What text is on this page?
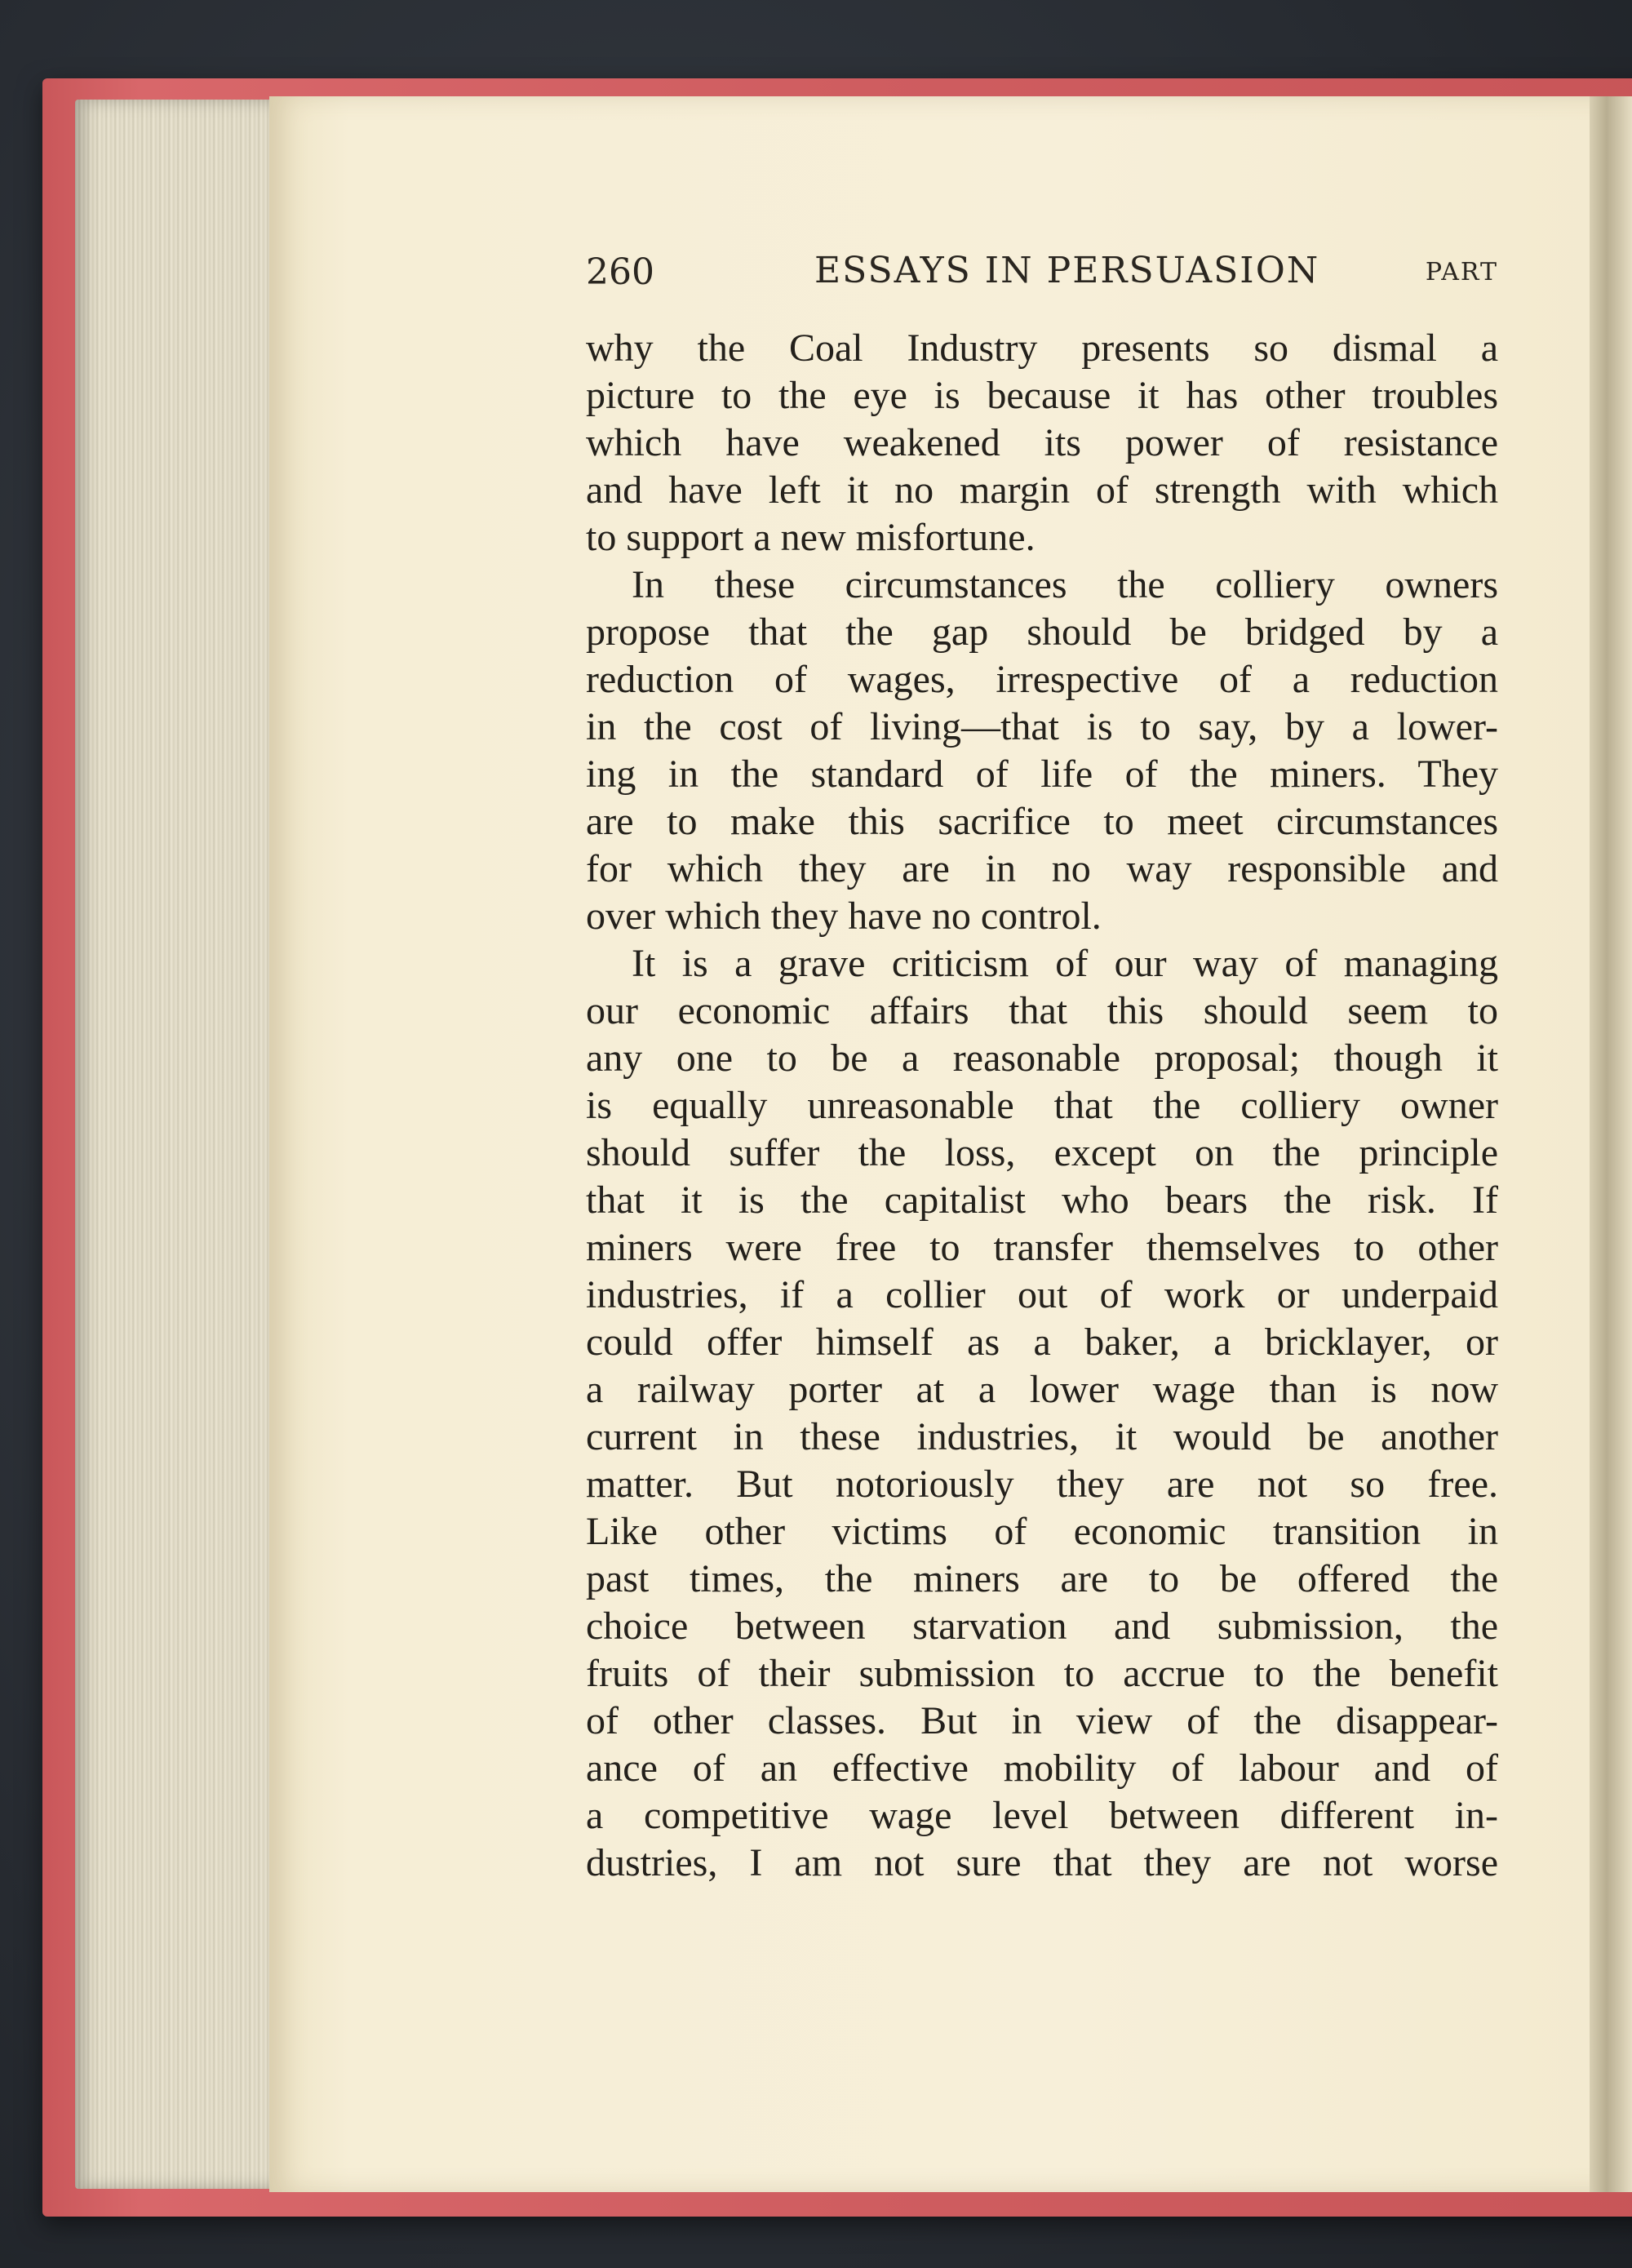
260	ESSAYS IN PERSUASION	PART
why the Coal Industry presents so dismal a
picture to the eye is because it has other troubles
which have weakened its power of resistance
and have left it no margin of strength with which
to support a new misfortune.
In these circumstances the colliery owners
propose that the gap should be bridged by a
reduction of wages, irrespective of a reduction
in the cost of living—that is to say, by a lower-
ing in the standard of life of the miners. They
are to make this sacrifice to meet circumstances
for which they are in no way responsible and
over which they have no control.
It is a grave criticism of our way of managing
our economic affairs that this should seem to
any one to be a reasonable proposal; though it
is equally unreasonable that the colliery owner
should suffer the loss, except on the principle
that it is the capitalist who bears the risk. If
miners were free to transfer themselves to other
industries, if a collier out of work or underpaid
could offer himself as a baker, a bricklayer, or
a railway porter at a lower wage than is now
current in these industries, it would be another
matter. But notoriously they are not so free.
Like other victims of economic transition in
past times, the miners are to be offered the
choice between starvation and submission, the
fruits of their submission to accrue to the benefit
of other classes. But in view of the disappear-
ance of an effective mobility of labour and of
a competitive wage level between different in-
dustries, I am not sure that they are not worse
